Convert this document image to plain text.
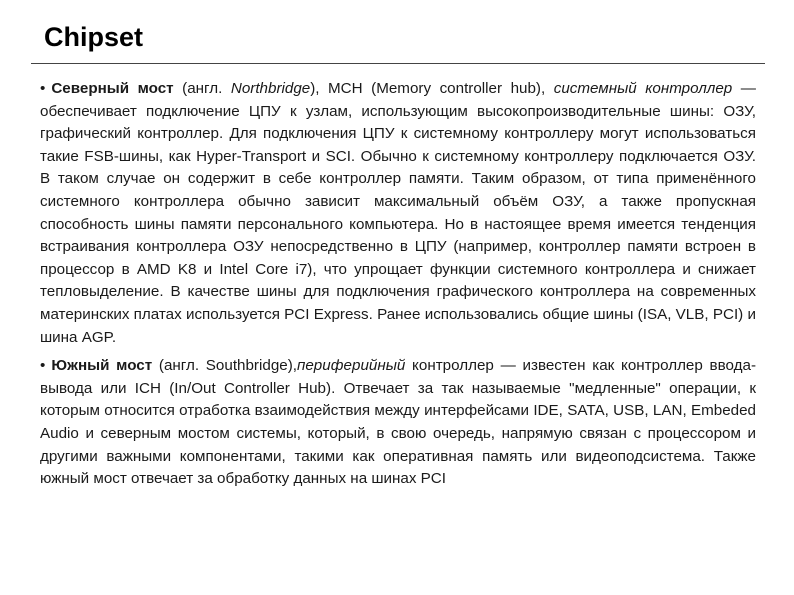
Chipset

• Северный мост (англ. Northbridge), MCH (Memory controller hub), системный контроллер — обеспечивает подключение ЦПУ к узлам, использующим высокопроизводительные шины: ОЗУ, графический контроллер. Для подключения ЦПУ к системному контроллеру могут использоваться такие FSB-шины, как Hyper-Transport и SCI. Обычно к системному контроллеру подключается ОЗУ. В таком случае он содержит в себе контроллер памяти. Таким образом, от типа применённого системного контроллера обычно зависит максимальный объём ОЗУ, а также пропускная способность шины памяти персонального компьютера. Но в настоящее время имеется тенденция встраивания контроллера ОЗУ непосредственно в ЦПУ (например, контроллер памяти встроен в процессор в AMD K8 и Intel Core i7), что упрощает функции системного контроллера и снижает тепловыделение. В качестве шины для подключения графического контроллера на современных материнских платах используется PCI Express. Ранее использовались общие шины (ISA, VLB, PCI) и шина AGP.

• Южный мост (англ. Southbridge),периферийный контроллер — известен как контроллер ввода-вывода или ICH (In/Out Controller Hub). Отвечает за так называемые "медленные" операции, к которым относится отработка взаимодействия между интерфейсами IDE, SATA, USB, LAN, Embeded Audio и северным мостом системы, который, в свою очередь, напрямую связан с процессором и другими важными компонентами, такими как оперативная память или видеоподсистема. Также южный мост отвечает за обработку данных на шинах PCI
